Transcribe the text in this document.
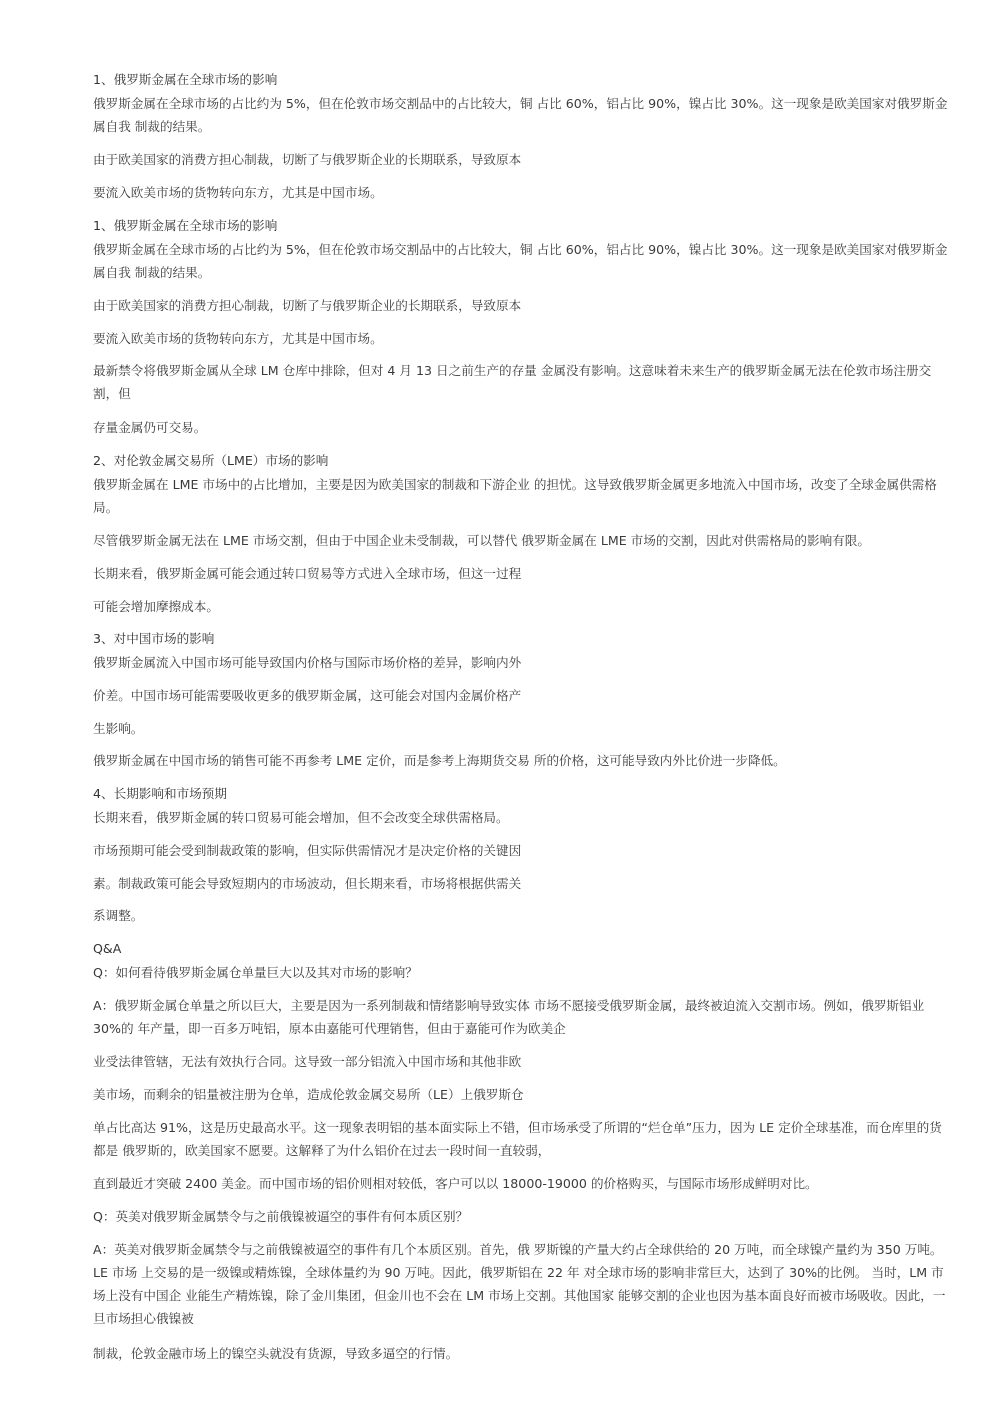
1、俄罗斯金属在全球市场的影响

俄罗斯金属在全球市场的占比约为 5%，但在伦敦市场交割品中的占比较大，铜 占比 60%，铝占比 90%，镍占比 30%。这一现象是欧美国家对俄罗斯金属自我 制裁的结果。

由于欧美国家的消费方担心制裁，切断了与俄罗斯企业的长期联系，导致原本

要流入欧美市场的货物转向东方，尤其是中国市场。

1、俄罗斯金属在全球市场的影响

俄罗斯金属在全球市场的占比约为 5%，但在伦敦市场交割品中的占比较大，铜 占比 60%，铝占比 90%，镍占比 30%。这一现象是欧美国家对俄罗斯金属自我 制裁的结果。

由于欧美国家的消费方担心制裁，切断了与俄罗斯企业的长期联系，导致原本

要流入欧美市场的货物转向东方，尤其是中国市场。

最新禁令将俄罗斯金属从全球 LM 仓库中排除，但对 4 月 13 日之前生产的存量 金属没有影响。这意味着未来生产的俄罗斯金属无法在伦敦市场注册交割，但

存量金属仍可交易。

2、对伦敦金属交易所（LME）市场的影响

俄罗斯金属在 LME 市场中的占比增加，主要是因为欧美国家的制裁和下游企业 的担忧。这导致俄罗斯金属更多地流入中国市场，改变了全球金属供需格局。

尽管俄罗斯金属无法在 LME 市场交割，但由于中国企业未受制裁，可以替代 俄罗斯金属在 LME 市场的交割，因此对供需格局的影响有限。

长期来看，俄罗斯金属可能会通过转口贸易等方式进入全球市场，但这一过程

可能会增加摩擦成本。

3、对中国市场的影响

俄罗斯金属流入中国市场可能导致国内价格与国际市场价格的差异，影响内外

价差。中国市场可能需要吸收更多的俄罗斯金属，这可能会对国内金属价格产

生影响。

俄罗斯金属在中国市场的销售可能不再参考 LME 定价，而是参考上海期货交易 所的价格，这可能导致内外比价进一步降低。

4、长期影响和市场预期

长期来看，俄罗斯金属的转口贸易可能会增加，但不会改变全球供需格局。

市场预期可能会受到制裁政策的影响，但实际供需情况才是决定价格的关键因

素。制裁政策可能会导致短期内的市场波动，但长期来看，市场将根据供需关

系调整。

Q&A

Q：如何看待俄罗斯金属仓单量巨大以及其对市场的影响？

A：俄罗斯金属仓单量之所以巨大，主要是因为一系列制裁和情绪影响导致实体 市场不愿接受俄罗斯金属，最终被迫流入交割市场。例如，俄罗斯铝业 30%的 年产量，即一百多万吨铝，原本由嘉能可代理销售，但由于嘉能可作为欧美企

业受法律管辖，无法有效执行合同。这导致一部分铝流入中国市场和其他非欧

美市场，而剩余的铝量被注册为仓单，造成伦敦金属交易所（LE）上俄罗斯仓

单占比高达 91%，这是历史最高水平。这一现象表明铝的基本面实际上不错，但市场承受了所谓的“烂仓单”压力，因为 LE 定价全球基准，而仓库里的货都是 俄罗斯的，欧美国家不愿要。这解释了为什么铝价在过去一段时间一直较弱，

直到最近才突破 2400 美金。而中国市场的铝价则相对较低，客户可以以 18000-19000 的价格购买，与国际市场形成鲜明对比。

Q：英美对俄罗斯金属禁令与之前俄镍被逼空的事件有何本质区别？

A：英美对俄罗斯金属禁令与之前俄镍被逼空的事件有几个本质区别。首先，俄 罗斯镍的产量大约占全球供给的 20 万吨，而全球镍产量约为 350 万吨。LE 市场 上交易的是一级镍或精炼镍，全球体量约为 90 万吨。因此，俄罗斯铝在 22 年 对全球市场的影响非常巨大，达到了 30%的比例。 当时，LM 市场上没有中国企 业能生产精炼镍，除了金川集团，但金川也不会在 LM 市场上交割。其他国家 能够交割的企业也因为基本面良好而被市场吸收。因此，一旦市场担心俄镍被

制裁，伦敦金融市场上的镍空头就没有货源，导致多逼空的行情。
